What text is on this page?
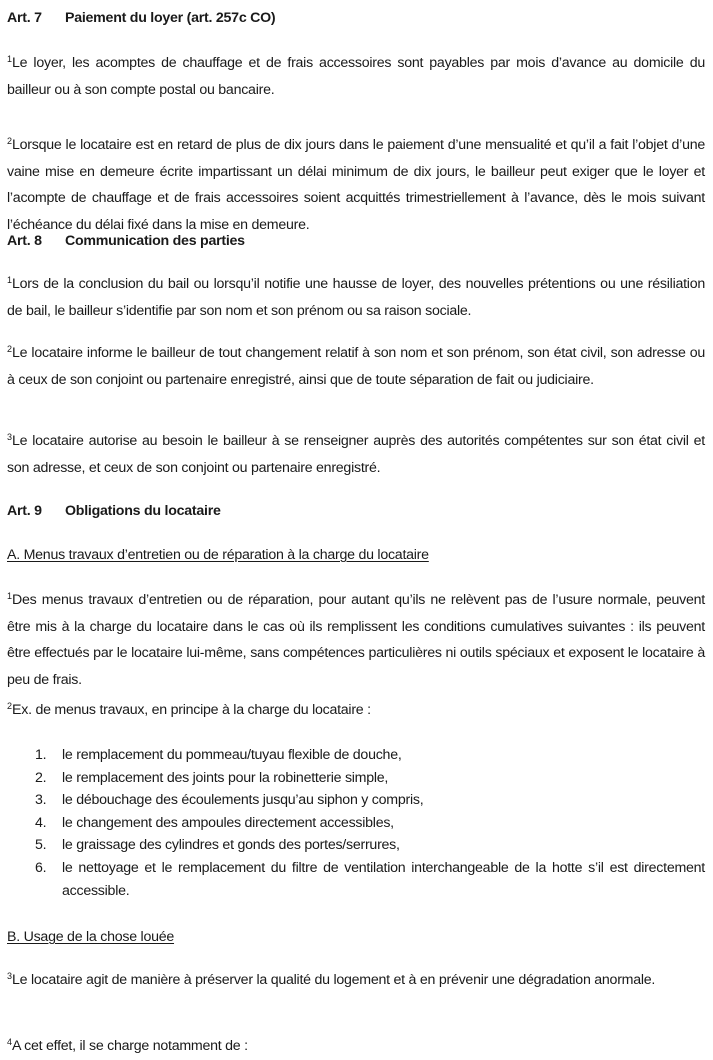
Art. 7 Paiement du loyer (art. 257c CO)

$^1$Le loyer, les acomptes de chauffage et de frais accessoires sont payables par mois d’avance au domicile du bailleur ou à son compte postal ou bancaire.

$^2$Lorsque le locataire est en retard de plus de dix jours dans le paiement d’une mensualité et qu’il a fait l’objet d’une vaine mise en demeure écrite impartissant un délai minimum de dix jours, le bailleur peut exiger que le loyer et l’acompte de chauffage et de frais accessoires soient acquittés trimestriellement à l’avance, dès le mois suivant l’échéance du délai fixé dans la mise en demeure.

Art. 8 Communication des parties

$^1$Lors de la conclusion du bail ou lorsqu’il notifie une hausse de loyer, des nouvelles prétentions ou une résiliation de bail, le bailleur s’identifie par son nom et son prénom ou sa raison sociale.

$^2$Le locataire informe le bailleur de tout changement relatif à son nom et son prénom, son état civil, son adresse ou à ceux de son conjoint ou partenaire enregistré, ainsi que de toute séparation de fait ou judiciaire.

$^3$Le locataire autorise au besoin le bailleur à se renseigner auprès des autorités compétentes sur son état civil et son adresse, et ceux de son conjoint ou partenaire enregistré.

Art. 9 Obligations du locataire
A. Menus travaux d’entretien ou de réparation à la charge du locataire

$^1$Des menus travaux d’entretien ou de réparation, pour autant qu’ils ne relèvent pas de l’usure normale, peuvent être mis à la charge du locataire dans le cas où ils remplissent les conditions cumulatives suivantes : ils peuvent être effectués par le locataire lui-même, sans compétences particulières ni outils spéciaux et exposent le locataire à peu de frais.

$^2$Ex. de menus travaux, en principe à la charge du locataire :

1. le remplacement du pommeau/tuyau flexible de douche,
2. le remplacement des joints pour la robinetterie simple,
3. le débouchage des écoulements jusqu’au siphon y compris,
4. le changement des ampoules directement accessibles,
5. le graissage des cylindres et gonds des portes/serrures,
6. le nettoyage et le remplacement du filtre de ventilation interchangeable de la hotte s’il est directement accessible.
B. Usage de la chose louée

$^3$Le locataire agit de manière à préserver la qualité du logement et à en prévenir une dégradation anormale.

$^4$A cet effet, il se charge notamment de :
